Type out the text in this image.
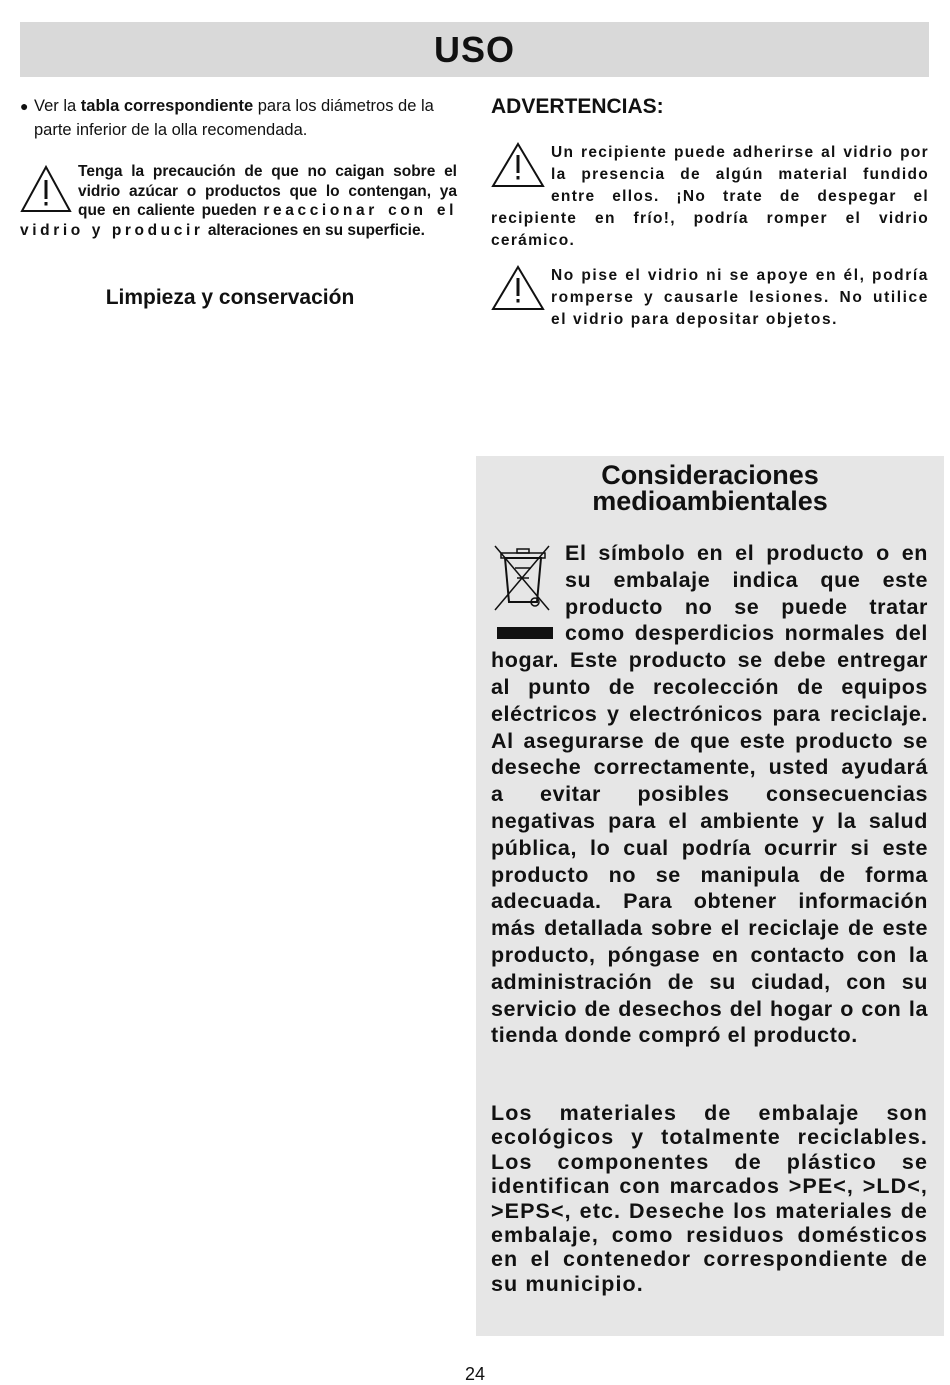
USO
● Ver la tabla correspondiente para los diámetros de la parte inferior de la olla recomendada.

Tenga la precaución de que no caigan sobre el vidrio azúcar o productos que lo contengan, ya que en caliente pueden reaccionar con el vidrio y producir alteraciones en su superficie.
Limpieza y conservación
ADVERTENCIAS:
Un recipiente puede adherirse al vidrio por la presencia de algún material fundido entre ellos. ¡No trate de despegar el recipiente en frío!, podría romper el vidrio cerámico.
No pise el vidrio ni se apoye en él, podría romperse y causarle lesiones. No utilice el vidrio para depositar objetos.
Consideraciones
medioambientales
El símbolo en el producto o en su embalaje indica que este producto no se puede tratar como desperdicios normales del hogar. Este producto se debe entregar al punto de recolección de equipos eléctricos y electrónicos para reciclaje. Al asegurarse de que este producto se deseche correctamente, usted ayudará a evitar posibles consecuencias negativas para el ambiente y la salud pública, lo cual podría ocurrir si este producto no se manipula de forma adecuada. Para obtener información más detallada sobre el reciclaje de este producto, póngase en contacto con la administración de su ciudad, con su servicio de desechos del hogar o con la tienda donde compró el producto.
Los materiales de embalaje son ecológicos y totalmente reciclables. Los componentes de plástico se identifican con marcados >PE<, >LD<, >EPS<, etc. Deseche los materiales de embalaje, como residuos domésticos en el contenedor correspondiente de su municipio.
24
